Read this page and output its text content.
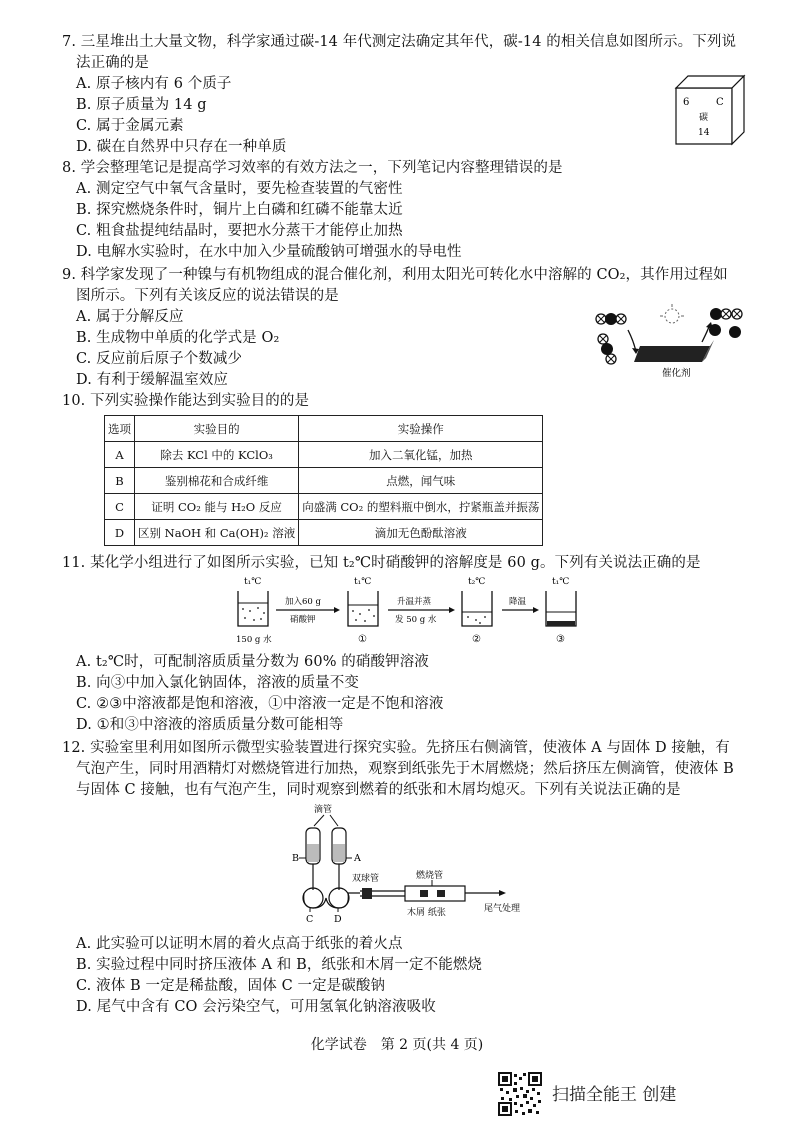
7. 三星堆出土大量文物，科学家通过碳-14 年代测定法确定其年代，碳-14 的相关信息如图所示。下列说
法正确的是
A. 原子核内有 6 个质子
B. 原子质量为 14 g
C. 属于金属元素
D. 碳在自然界中只存在一种单质
6	C
碳
14
8. 学会整理笔记是提高学习效率的有效方法之一，下列笔记内容整理错误的是
A. 测定空气中氧气含量时，要先检查装置的气密性
B. 探究燃烧条件时，铜片上白磷和红磷不能靠太近
C. 粗食盐提纯结晶时，要把水分蒸干才能停止加热
D. 电解水实验时，在水中加入少量硫酸钠可增强水的导电性
9. 科学家发现了一种镍与有机物组成的混合催化剂，利用太阳光可转化水中溶解的 CO₂，其作用过程如
图所示。下列有关该反应的说法错误的是
A. 属于分解反应
B. 生成物中单质的化学式是 O₂
C. 反应前后原子个数减少
D. 有利于缓解温室效应	催化剂
10. 下列实验操作能达到实验目的的是
选项	实验目的	实验操作
A	除去 KCl 中的 KClO₃	加入二氧化锰，加热
B	鉴别棉花和合成纤维	点燃，闻气味
C	证明 CO₂ 能与 H₂O 反应	向盛满 CO₂ 的塑料瓶中倒水，拧紧瓶盖并振荡
D	区别 NaOH 和 Ca(OH)₂ 溶液	滴加无色酚酞溶液
11. 某化学小组进行了如图所示实验，已知 t₂℃时硝酸钾的溶解度是 60 g。下列有关说法正确的是
t₁℃
150 g 水
加入60 g
硝酸钾
t₁℃
①
升温并蒸
发 50 g 水
t₂℃
②
降温
t₁℃
③
A. t₂℃时，可配制溶质质量分数为 60% 的硝酸钾溶液
B. 向③中加入氯化钠固体，溶液的质量不变
C. ②③中溶液都是饱和溶液，①中溶液一定是不饱和溶液
D. ①和③中溶液的溶质质量分数可能相等
12. 实验室里利用如图所示微型实验装置进行探究实验。先挤压右侧滴管，使液体 A 与固体 D 接触，有
气泡产生，同时用酒精灯对燃烧管进行加热，观察到纸张先于木屑燃烧；然后挤压左侧滴管，使液体 B
与固体 C 接触，也有气泡产生，同时观察到燃着的纸张和木屑均熄灭。下列有关说法正确的是
滴管
B	A
C D
双球管	燃烧管
木屑 纸张	尾气处理
A. 此实验可以证明木屑的着火点高于纸张的着火点
B. 实验过程中同时挤压液体 A 和 B，纸张和木屑一定不能燃烧
C. 液体 B 一定是稀盐酸，固体 C 一定是碳酸钠
D. 尾气中含有 CO 会污染空气，可用氢氧化钠溶液吸收
化学试卷　第 2 页(共 4 页)
扫描全能王 创建
